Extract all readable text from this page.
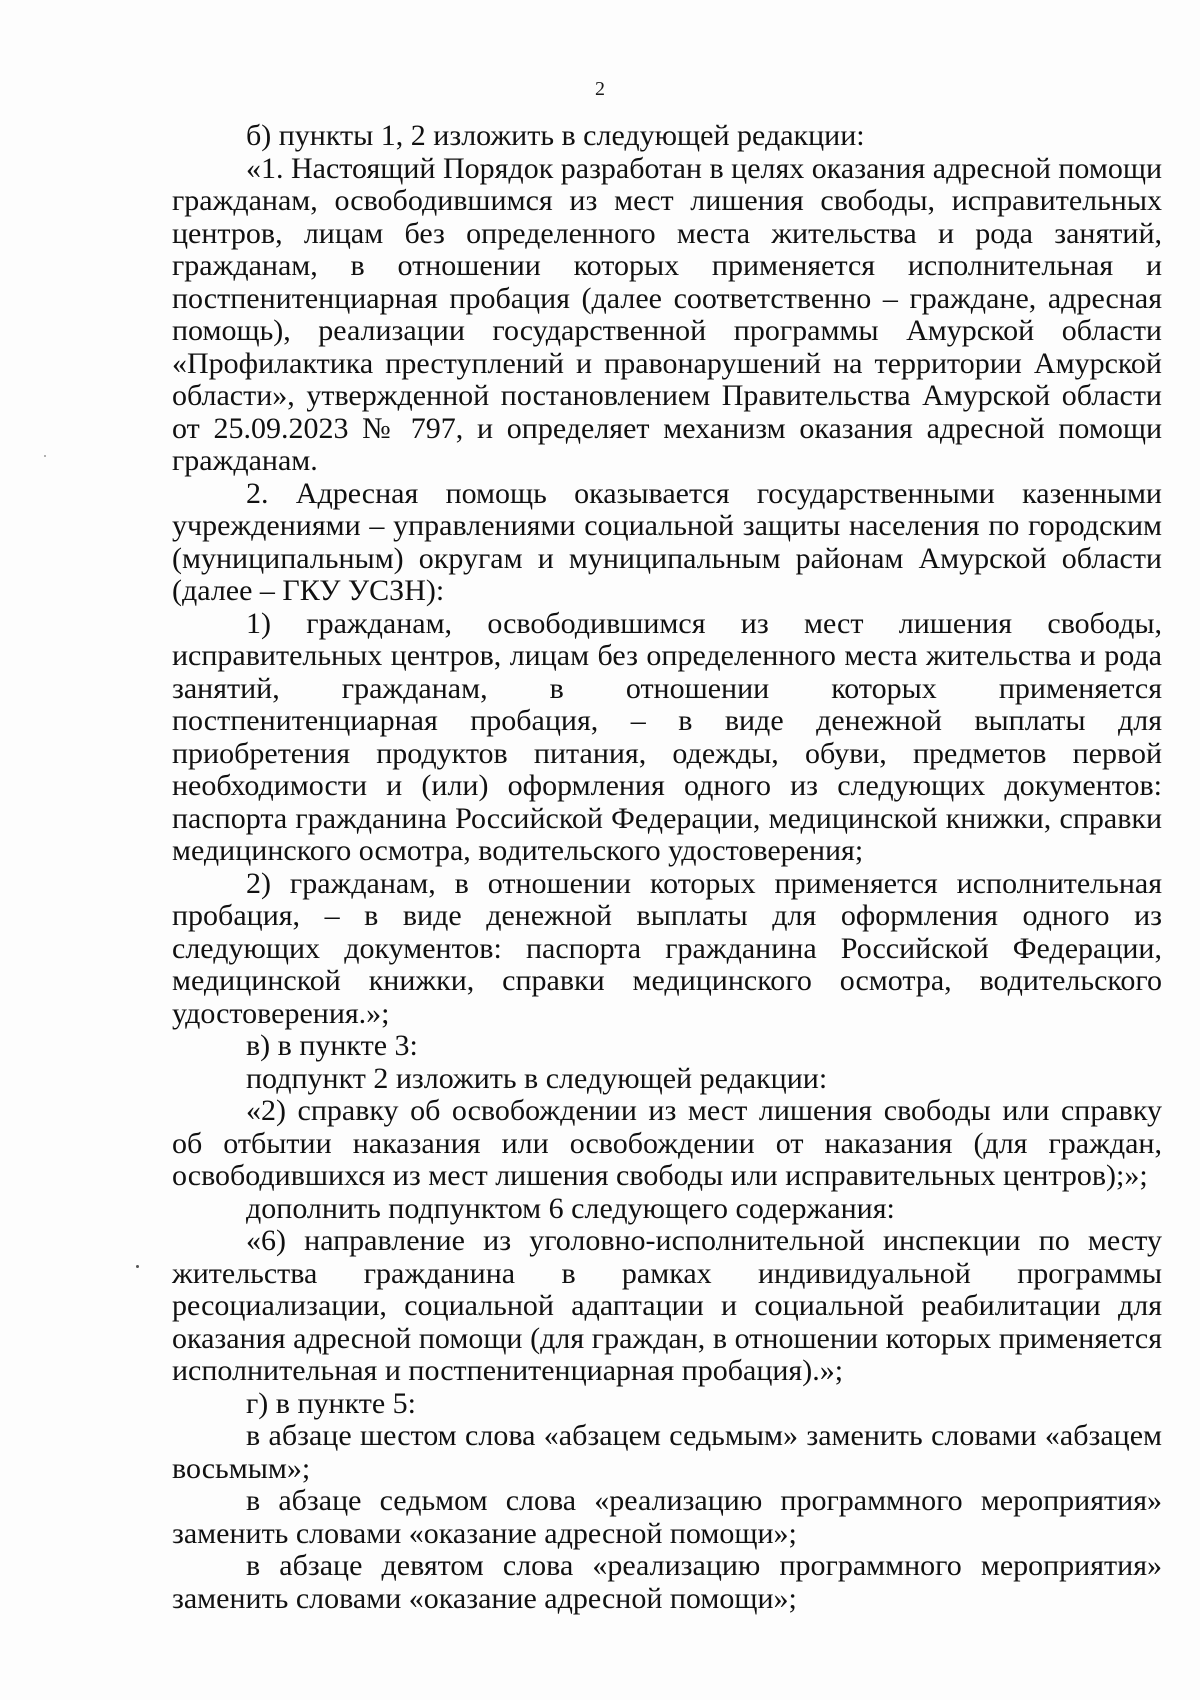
2

б) пункты 1, 2 изложить в следующей редакции:

«1. Настоящий Порядок разработан в целях оказания адресной помощи гражданам, освободившимся из мест лишения свободы, исправительных центров, лицам без определенного места жительства и рода занятий, гражданам, в отношении которых применяется исполнительная и постпенитенциарная пробация (далее соответственно – граждане, адресная помощь), реализации государственной программы Амурской области «Профилактика преступлений и правонарушений на территории Амурской области», утвержденной постановлением Правительства Амурской области от 25.09.2023 № 797, и определяет механизм оказания адресной помощи гражданам.

2. Адресная помощь оказывается государственными казенными учреждениями – управлениями социальной защиты населения по городским (муниципальным) округам и муниципальным районам Амурской области (далее – ГКУ УСЗН):

1) гражданам, освободившимся из мест лишения свободы, исправительных центров, лицам без определенного места жительства и рода занятий, гражданам, в отношении которых применяется постпенитенциарная пробация, – в виде денежной выплаты для приобретения продуктов питания, одежды, обуви, предметов первой необходимости и (или) оформления одного из следующих документов: паспорта гражданина Российской Федерации, медицинской книжки, справки медицинского осмотра, водительского удостоверения;

2) гражданам, в отношении которых применяется исполнительная пробация, – в виде денежной выплаты для оформления одного из следующих документов: паспорта гражданина Российской Федерации, медицинской книжки, справки медицинского осмотра, водительского удостоверения.»;

в) в пункте 3:

подпункт 2 изложить в следующей редакции:

«2) справку об освобождении из мест лишения свободы или справку об отбытии наказания или освобождении от наказания (для граждан, освободившихся из мест лишения свободы или исправительных центров);»;

дополнить подпунктом 6 следующего содержания:

«6) направление из уголовно-исполнительной инспекции по месту жительства гражданина в рамках индивидуальной программы ресоциализации, социальной адаптации и социальной реабилитации для оказания адресной помощи (для граждан, в отношении которых применяется исполнительная и постпенитенциарная пробация).»;

г) в пункте 5:

в абзаце шестом слова «абзацем седьмым» заменить словами «абзацем восьмым»;

в абзаце седьмом слова «реализацию программного мероприятия» заменить словами «оказание адресной помощи»;

в абзаце девятом слова «реализацию программного мероприятия» заменить словами «оказание адресной помощи»;
